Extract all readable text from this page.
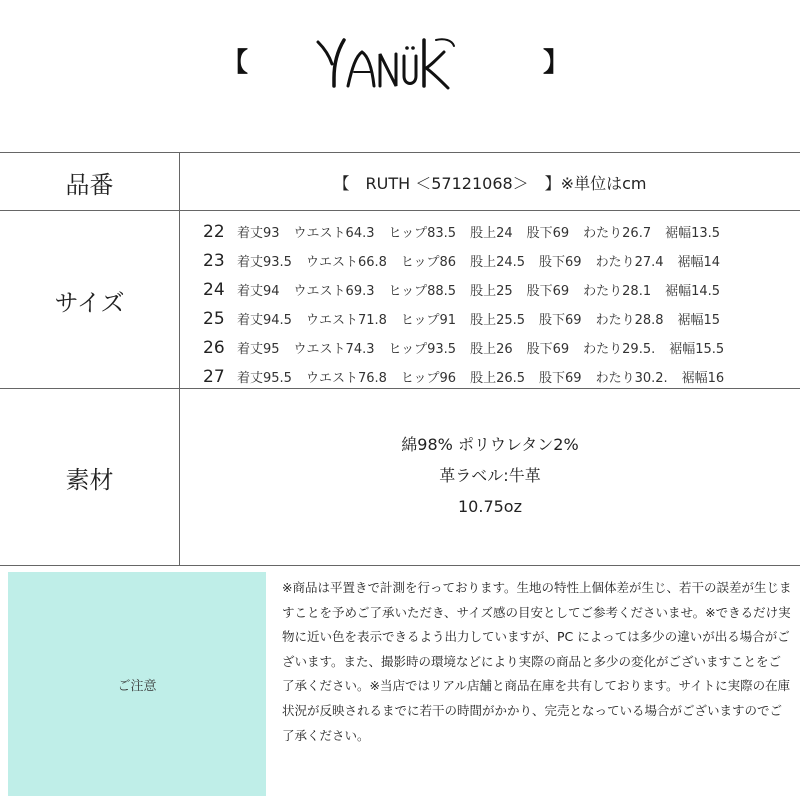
【	】
品番	【　RUTH ＜57121068＞　】※単位はcm
サイズ
22 着丈93 ウエスト64.3 ヒップ83.5 股上24 股下69 わたり26.7 裾幅13.5
23 着丈93.5 ウエスト66.8 ヒップ86 股上24.5 股下69 わたり27.4 裾幅14
24 着丈94 ウエスト69.3 ヒップ88.5 股上25 股下69 わたり28.1 裾幅14.5
25 着丈94.5 ウエスト71.8 ヒップ91 股上25.5 股下69 わたり28.8 裾幅15
26 着丈95 ウエスト74.3 ヒップ93.5 股上26 股下69 わたり29.5. 裾幅15.5
27 着丈95.5 ウエスト76.8 ヒップ96 股上26.5 股下69 わたり30.2. 裾幅16
素材
綿98% ポリウレタン2%
革ラベル:牛革
10.75oz
ご注意

※商品は平置きで計測を行っております。生地の特性上個体差が生じ、若干の誤差が生じますことを予めご了承いただき、サイズ感の目安としてご参考くださいませ。※できるだけ実物に近い色を表示できるよう出力していますが、PC によっては多少の違いが出る場合がございます。また、撮影時の環境などにより実際の商品と多少の変化がございますことをご了承ください。※当店ではリアル店舗と商品在庫を共有しております。サイトに実際の在庫状況が反映されるまでに若干の時間がかかり、完売となっている場合がございますのでご了承ください。
